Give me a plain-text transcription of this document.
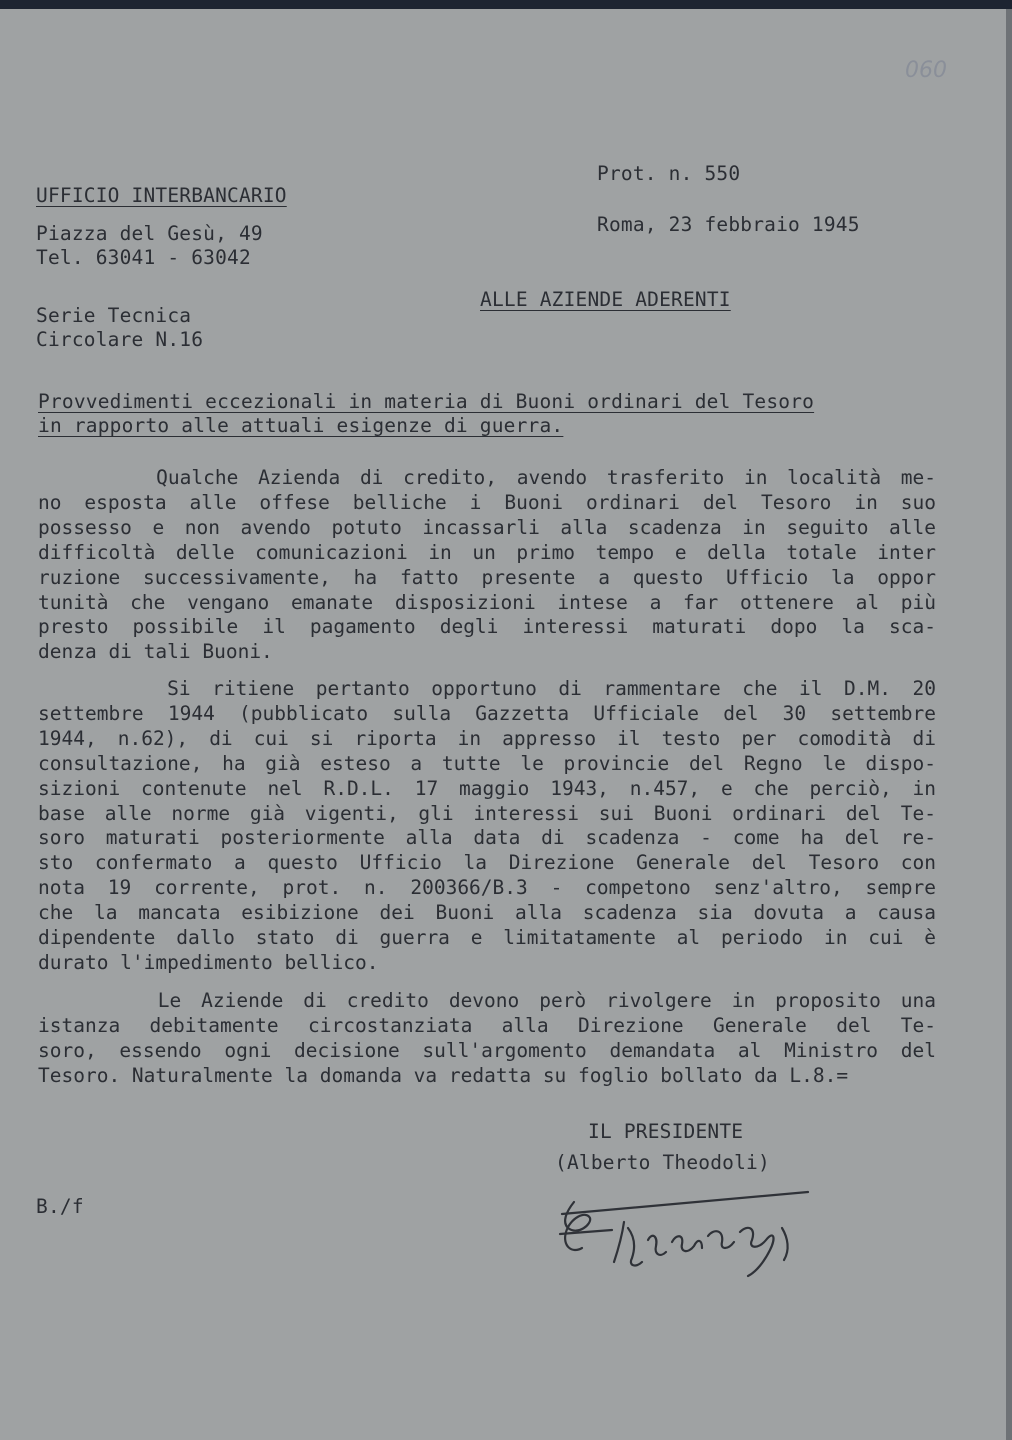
060
UFFICIO INTERBANCARIO
Piazza del Gesù, 49
Tel. 63041 - 63042
Prot. n. 550
Roma, 23 febbraio 1945
Serie Tecnica
Circolare N.16
ALLE AZIENDE ADERENTI
Provvedimenti eccezionali in materia di Buoni ordinari del Tesoro
in rapporto alle attuali esigenze di guerra.
Qualche Azienda di credito, avendo trasferito in località me-
no esposta alle offese belliche i Buoni ordinari del Tesoro in suo
possesso e non avendo potuto incassarli alla scadenza in seguito alle
difficoltà delle comunicazioni in un primo tempo e della totale inter
ruzione successivamente, ha fatto presente a questo Ufficio la oppor
tunità che vengano emanate disposizioni intese a far ottenere al più
presto possibile il pagamento degli interessi maturati dopo la sca-
denza di tali Buoni.
Si ritiene pertanto opportuno di rammentare che il D.M. 20
settembre 1944 (pubblicato sulla Gazzetta Ufficiale del 30 settembre
1944, n.62), di cui si riporta in appresso il testo per comodità di
consultazione, ha già esteso a tutte le provincie del Regno le dispo-
sizioni contenute nel R.D.L. 17 maggio 1943, n.457, e che perciò, in
base alle norme già vigenti, gli interessi sui Buoni ordinari del Te-
soro maturati posteriormente alla data di scadenza - come ha del re-
sto confermato a questo Ufficio la Direzione Generale del Tesoro con
nota 19 corrente, prot. n. 200366/B.3 - competono senz'altro, sempre
che la mancata esibizione dei Buoni alla scadenza sia dovuta a causa
dipendente dallo stato di guerra e limitatamente al periodo in cui è
durato l'impedimento bellico.
Le Aziende di credito devono però rivolgere in proposito una
istanza debitamente circostanziata alla Direzione Generale del Te-
soro, essendo ogni decisione sull'argomento demandata al Ministro del
Tesoro. Naturalmente la domanda va redatta su foglio bollato da L.8.=
IL PRESIDENTE
(Alberto Theodoli)
B./f
